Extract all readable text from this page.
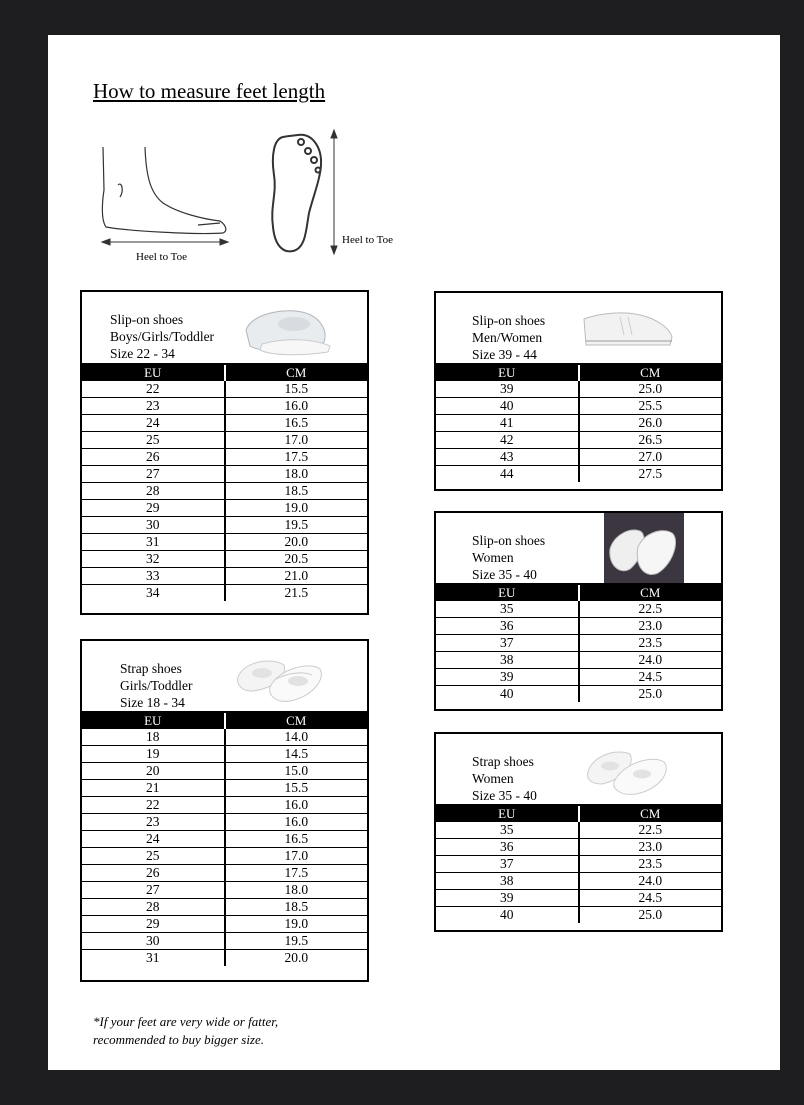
How to measure feet length
Heel to Toe
Heel to Toe
Slip-on shoes
Boys/Girls/Toddler
Size 22 - 34
EU	CM
22	15.5
23	16.0
24	16.5
25	17.0
26	17.5
27	18.0
28	18.5
29	19.0
30	19.5
31	20.0
32	20.5
33	21.0
34	21.5
Strap shoes
Girls/Toddler
Size 18 - 34
EU	CM
18	14.0
19	14.5
20	15.0
21	15.5
22	16.0
23	16.0
24	16.5
25	17.0
26	17.5
27	18.0
28	18.5
29	19.0
30	19.5
31	20.0
Slip-on shoes
Men/Women
Size 39 - 44
EU	CM
39	25.0
40	25.5
41	26.0
42	26.5
43	27.0
44	27.5
Slip-on shoes
Women
Size 35 - 40
EU	CM
35	22.5
36	23.0
37	23.5
38	24.0
39	24.5
40	25.0
Strap shoes
Women
Size 35 - 40
EU	CM
35	22.5
36	23.0
37	23.5
38	24.0
39	24.5
40	25.0
*If your feet are very wide or fatter,
recommended to buy bigger size.
